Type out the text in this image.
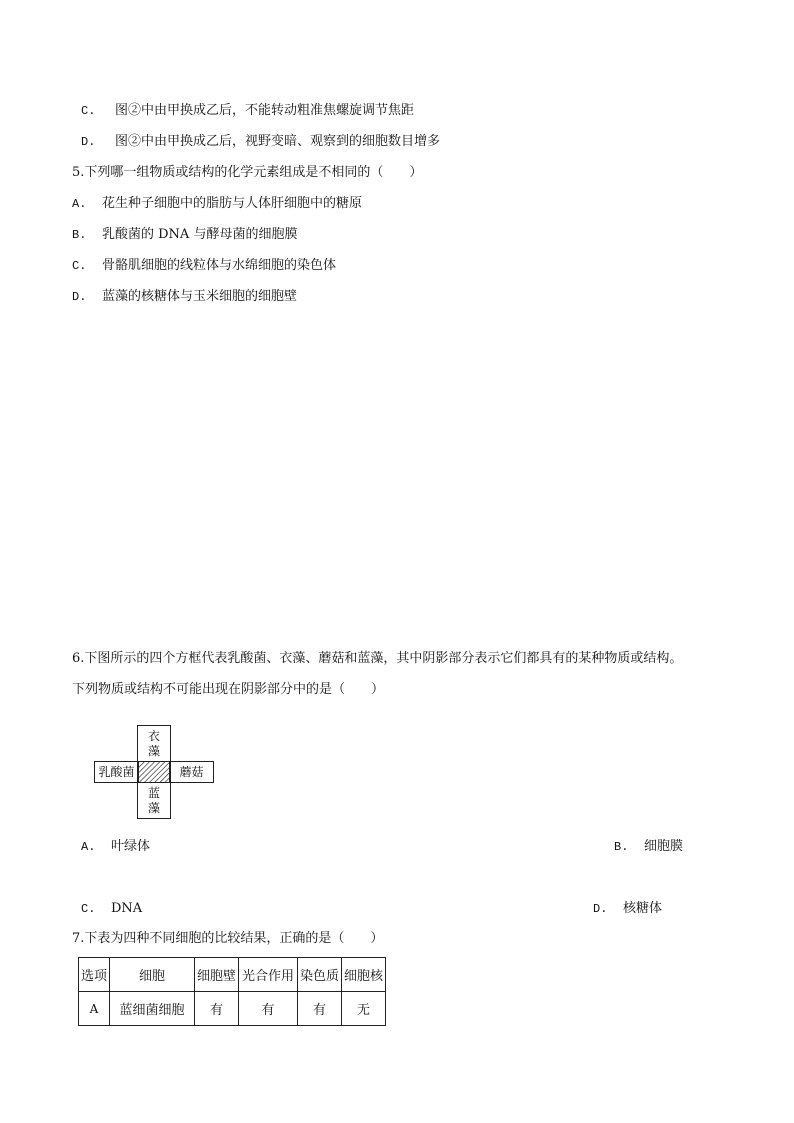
C. 图②中由甲换成乙后，不能转动粗准焦螺旋调节焦距
D. 图②中由甲换成乙后，视野变暗、观察到的细胞数目增多
5.下列哪一组物质或结构的化学元素组成是不相同的（　　）
A. 花生种子细胞中的脂肪与人体肝细胞中的糖原
B. 乳酸菌的 DNA 与酵母菌的细胞膜
C. 骨骼肌细胞的线粒体与水绵细胞的染色体
D. 蓝藻的核糖体与玉米细胞的细胞壁
6.下图所示的四个方框代表乳酸菌、衣藻、蘑菇和蓝藻，其中阴影部分表示它们都具有的某种物质或结构。
下列物质或结构不可能出现在阴影部分中的是（　　）
衣藻
蓝藻
乳酸菌	蘑菇
A. 叶绿体	B. 细胞膜
C. DNA	D. 核糖体
7.下表为四种不同细胞的比较结果，正确的是（　　）
选项	细胞	细胞壁	光合作用	染色质	细胞核
A	蓝细菌细胞	有	有	有	无
